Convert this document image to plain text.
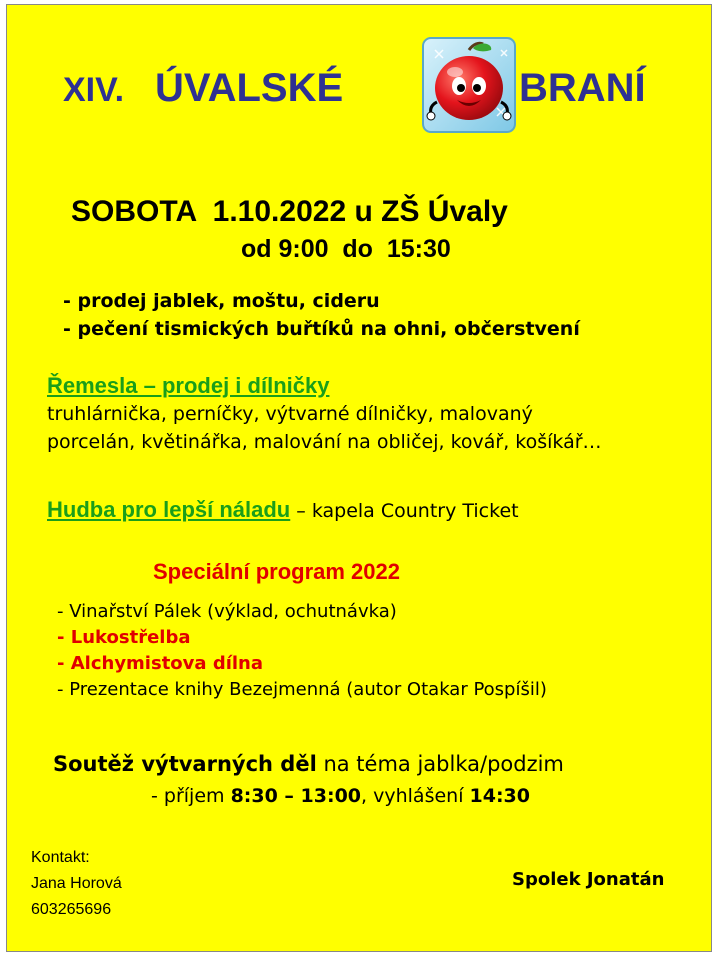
XIV. ÚVALSKÉ	BRANÍ
SOBOTA  1.10.2022 u ZŠ Úvaly
od 9:00  do  15:30
- prodej jablek, moštu, cideru
- pečení tismických buřtíků na ohni, občerstvení
Řemesla – prodej i dílničky
truhlárnička, perníčky, výtvarné dílničky, malovaný
porcelán, květinářka, malování na obličej, kovář, košíkář…
Hudba pro lepší náladu – kapela Country Ticket
Speciální program 2022
- Vinařství Pálek (výklad, ochutnávka)
- Lukostřelba
- Alchymistova dílna
- Prezentace knihy Bezejmenná (autor Otakar Pospíšil)
Soutěž výtvarných děl na téma jablka/podzim
- příjem 8:30 – 13:00, vyhlášení 14:30
Kontakt:
Jana Horová
603265696
Spolek Jonatán
